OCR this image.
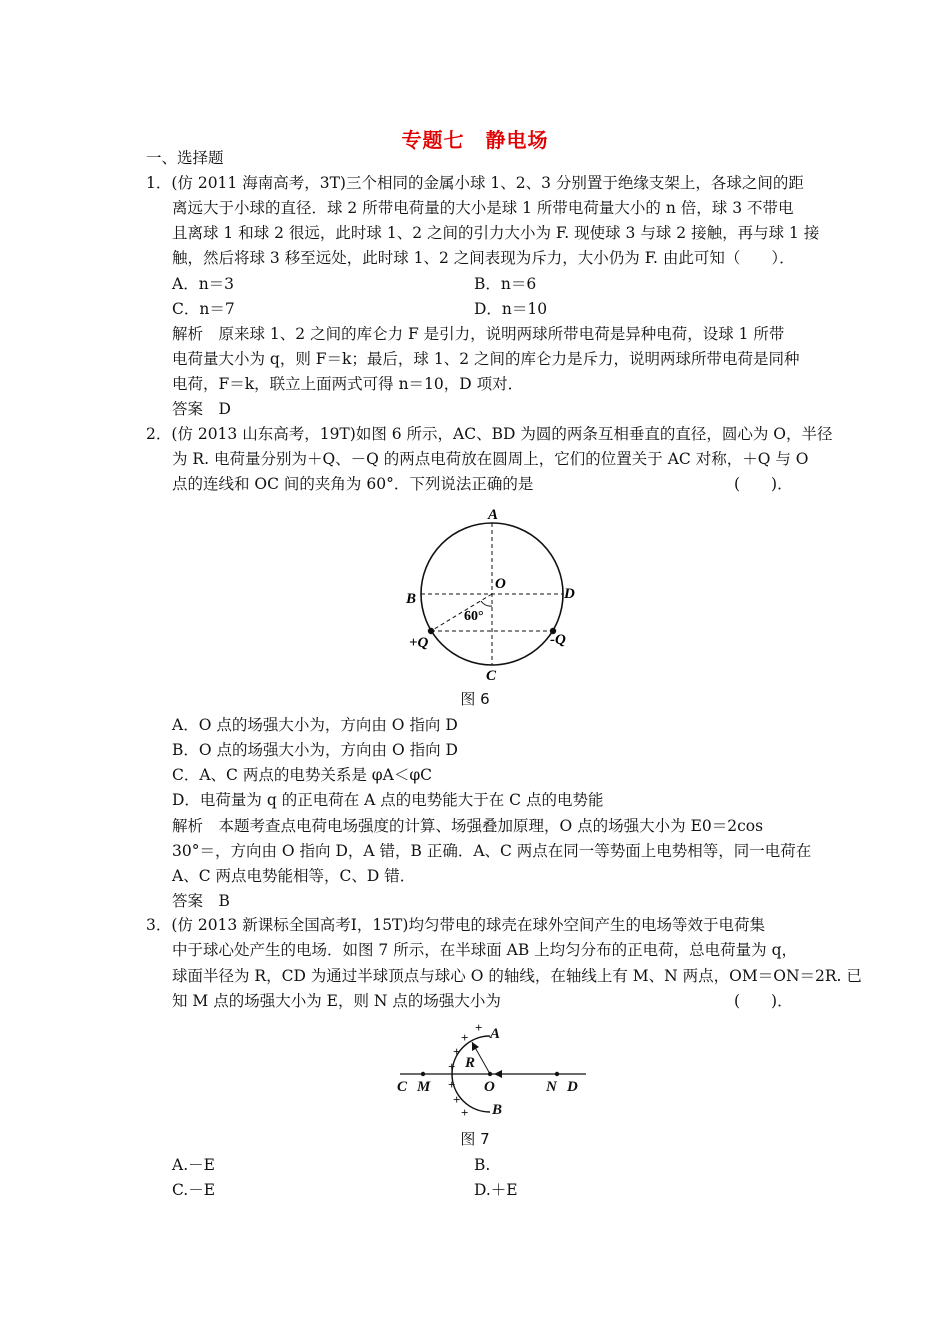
专题七　静电场
一、选择题
1．(仿 2011 海南高考，3T)三个相同的金属小球 1、2、3 分别置于绝缘支架上，各球之间的距
离远大于小球的直径．球 2 所带电荷量的大小是球 1 所带电荷量大小的 n 倍，球 3 不带电
且离球 1 和球 2 很远，此时球 1、2 之间的引力大小为 F. 现使球 3 与球 2 接触，再与球 1 接
触，然后将球 3 移至远处，此时球 1、2 之间表现为斥力，大小仍为 F. 由此可知（　　）．
A．n＝3	B．n＝6
C．n＝7	D．n＝10
解析　原来球 1、2 之间的库仑力 F 是引力，说明两球所带电荷是异种电荷，设球 1 所带
电荷量大小为 q，则 F＝k；最后，球 1、2 之间的库仑力是斥力，说明两球所带电荷是同种
电荷，F＝k，联立上面两式可得 n＝10，D 项对．
答案　D
2．(仿 2013 山东高考，19T)如图 6 所示，AC、BD 为圆的两条互相垂直的直径，圆心为 O，半径
为 R. 电荷量分别为＋Q、－Q 的两点电荷放在圆周上，它们的位置关于 AC 对称，＋Q 与 O
点的连线和 OC 间的夹角为 60°．下列说法正确的是	(　　)．
A
B
C
D
O
60°
+Q	-Q
图 6
A．O 点的场强大小为，方向由 O 指向 D
B．O 点的场强大小为，方向由 O 指向 D
C．A、C 两点的电势关系是 φA＜φC
D．电荷量为 q 的正电荷在 A 点的电势能大于在 C 点的电势能
解析　本题考查点电荷电场强度的计算、场强叠加原理，O 点的场强大小为 E0＝2cos
30°＝，方向由 O 指向 D，A 错，B 正确．A、C 两点在同一等势面上电势相等，同一电荷在
A、C 两点电势能相等，C、D 错．
答案　B
3．(仿 2013 新课标全国高考Ⅰ，15T)均匀带电的球壳在球外空间产生的电场等效于电荷集
中于球心处产生的电场．如图 7 所示，在半球面 AB 上均匀分布的正电荷，总电荷量为 q，
球面半径为 R，CD 为通过半球顶点与球心 O 的轴线，在轴线上有 M、N 两点，OM＝ON＝2R. 已
知 M 点的场强大小为 E，则 N 点的场强大小为	(　　)．
+
+
+
+
+
+
+
A
B
C M
R
O	N D
图 7
A.－E	B.
C.－E	D.＋E
